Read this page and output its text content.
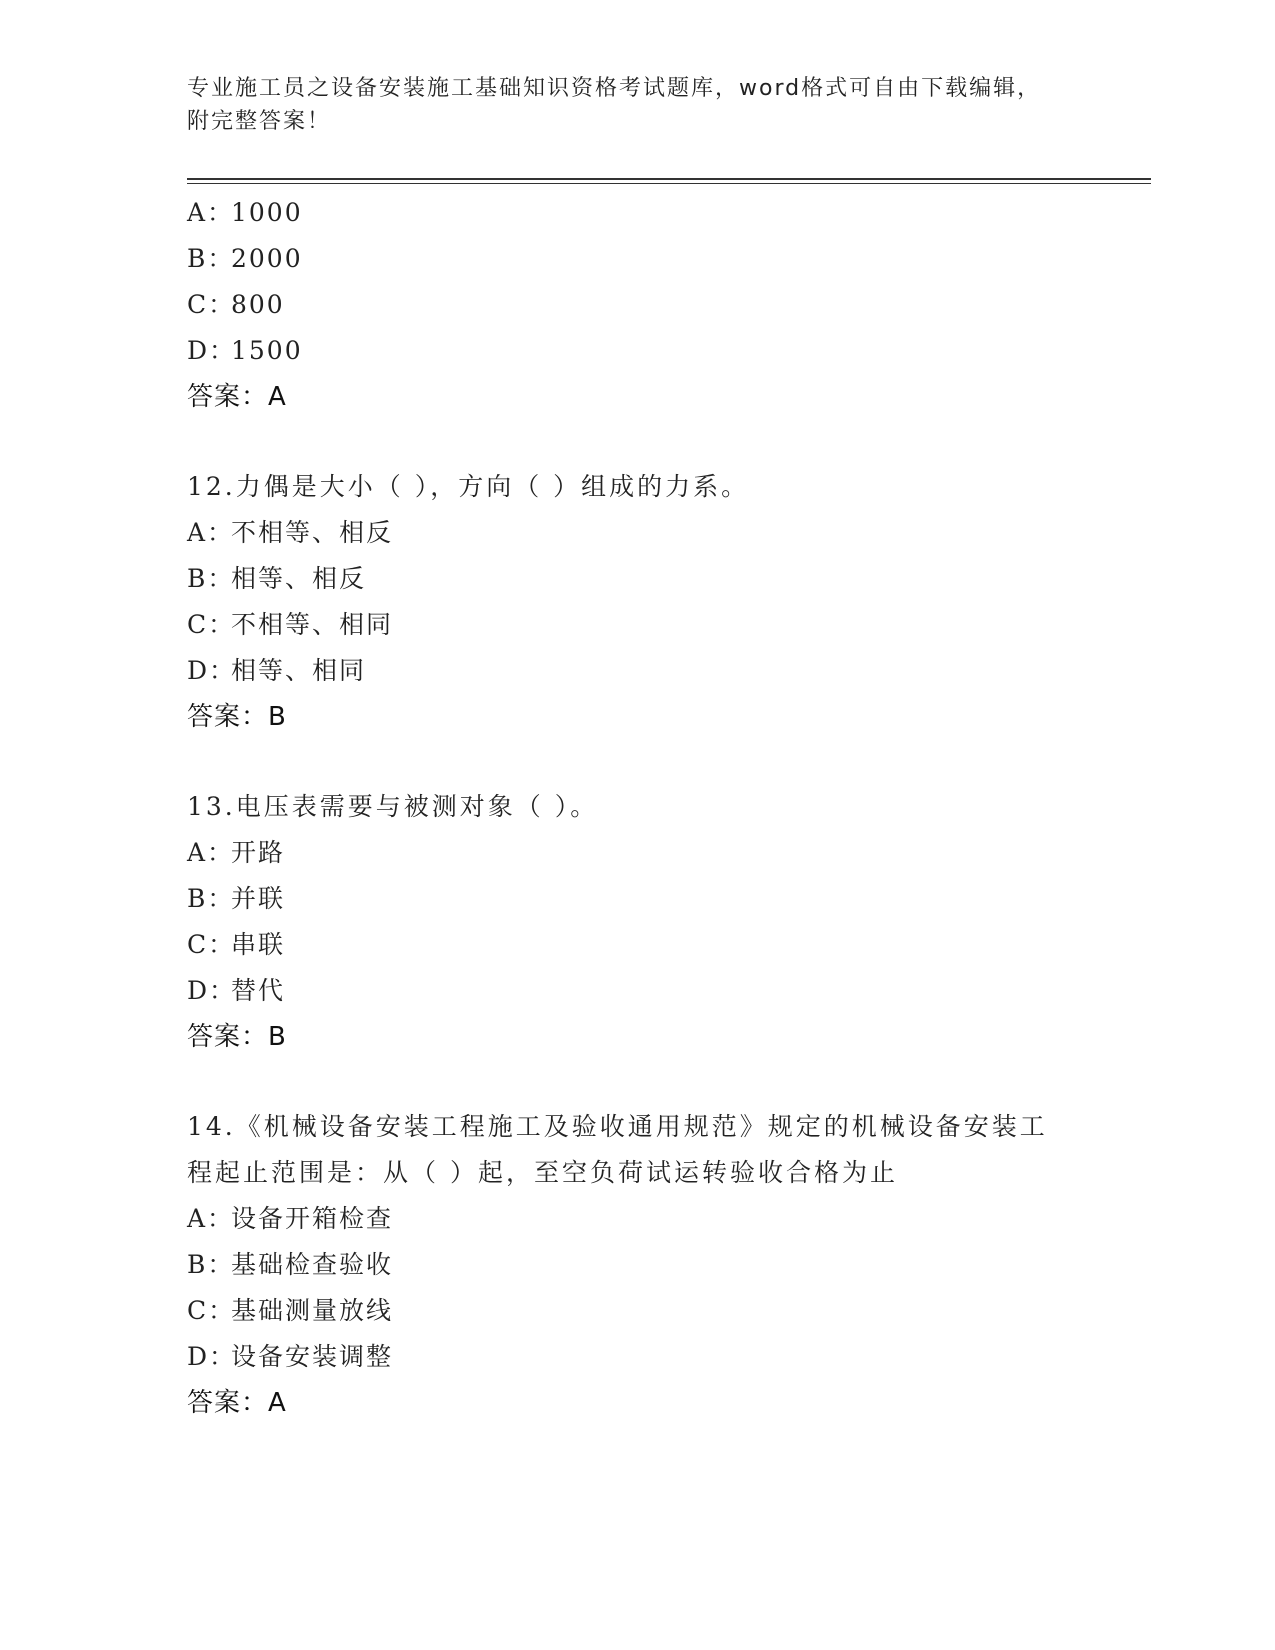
专业施工员之设备安装施工基础知识资格考试题库，word格式可自由下载编辑，
附完整答案！
A：1000
B：2000
C：800
D：1500
答案：A
12.力偶是大小（ ），方向（ ）组成的力系。
A：不相等、相反
B：相等、相反
C：不相等、相同
D：相等、相同
答案：B
13.电压表需要与被测对象（ ）。
A：开路
B：并联
C：串联
D：替代
答案：B
14.《机械设备安装工程施工及验收通用规范》规定的机械设备安装工
程起止范围是：从（ ）起，至空负荷试运转验收合格为止
A：设备开箱检查
B：基础检查验收
C：基础测量放线
D：设备安装调整
答案：A
